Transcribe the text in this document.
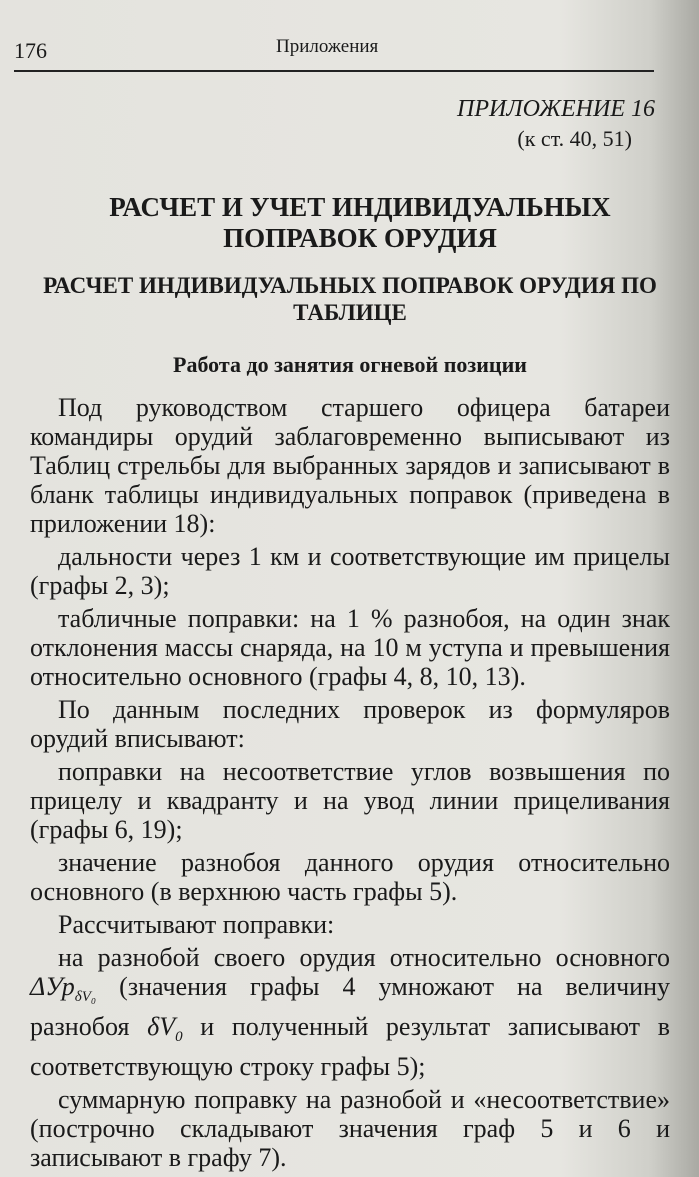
176	Приложения
ПРИЛОЖЕНИЕ 16
(к ст. 40, 51)
РАСЧЕТ И УЧЕТ ИНДИВИДУАЛЬНЫХ ПОПРАВОК ОРУДИЯ
РАСЧЕТ ИНДИВИДУАЛЬНЫХ ПОПРАВОК ОРУДИЯ ПО ТАБЛИЦЕ
Работа до занятия огневой позиции

Под руководством старшего офицера батареи командиры орудий заблаговременно выписывают из Таблиц стрельбы для выбранных зарядов и записывают в бланк таблицы индивидуальных поправок (приведена в приложении 18):

дальности через 1 км и соответствующие им прицелы (графы 2, 3);

табличные поправки: на 1 % разнобоя, на один знак отклонения массы снаряда, на 10 м уступа и превышения относительно основного (графы 4, 8, 10, 13).

По данным последних проверок из формуляров орудий вписывают:

поправки на несоответствие углов возвышения по прицелу и квадранту и на увод линии прицеливания (графы 6, 19);

значение разнобоя данного орудия относительно основного (в верхнюю часть графы 5).

Рассчитывают поправки:

на разнобой своего орудия относительно основного ΔУр$_{\delta V_0}$ (значения графы 4 умножают на величину разнобоя $\delta V_0$ и полученный результат записывают в соответствующую строку графы 5);

суммарную поправку на разнобой и «несоответствие» (построчно складывают значения граф 5 и 6 и записывают в графу 7).
